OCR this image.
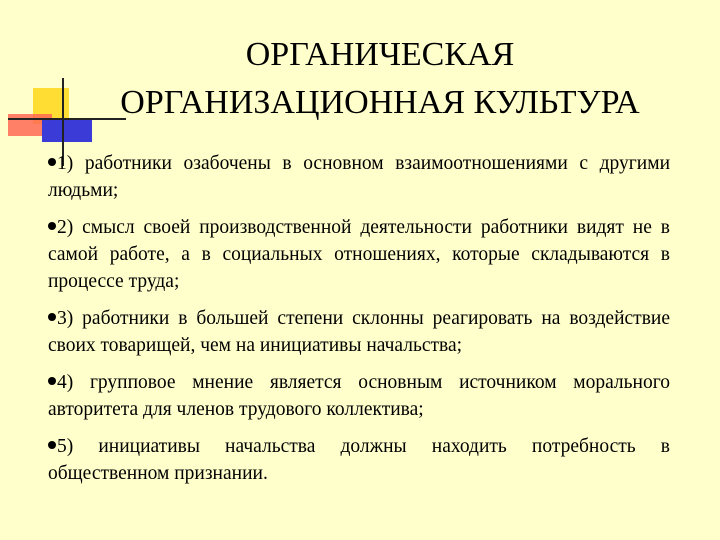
ОРГАНИЧЕСКАЯ
ОРГАНИЗАЦИОННАЯ КУЛЬТУРА

1) работники озабочены в основном взаимоотношениями с другими людьми;

2) смысл своей производственной деятельности работники видят не в самой работе, а в социальных отношениях, которые складываются в процессе труда;

3) работники в большей степени склонны реагировать на воздействие своих товарищей, чем на инициативы начальства;

4) групповое мнение является основным источником морального авторитета для членов трудового коллектива;

5) инициативы начальства должны находить потребность в общественном признании.
